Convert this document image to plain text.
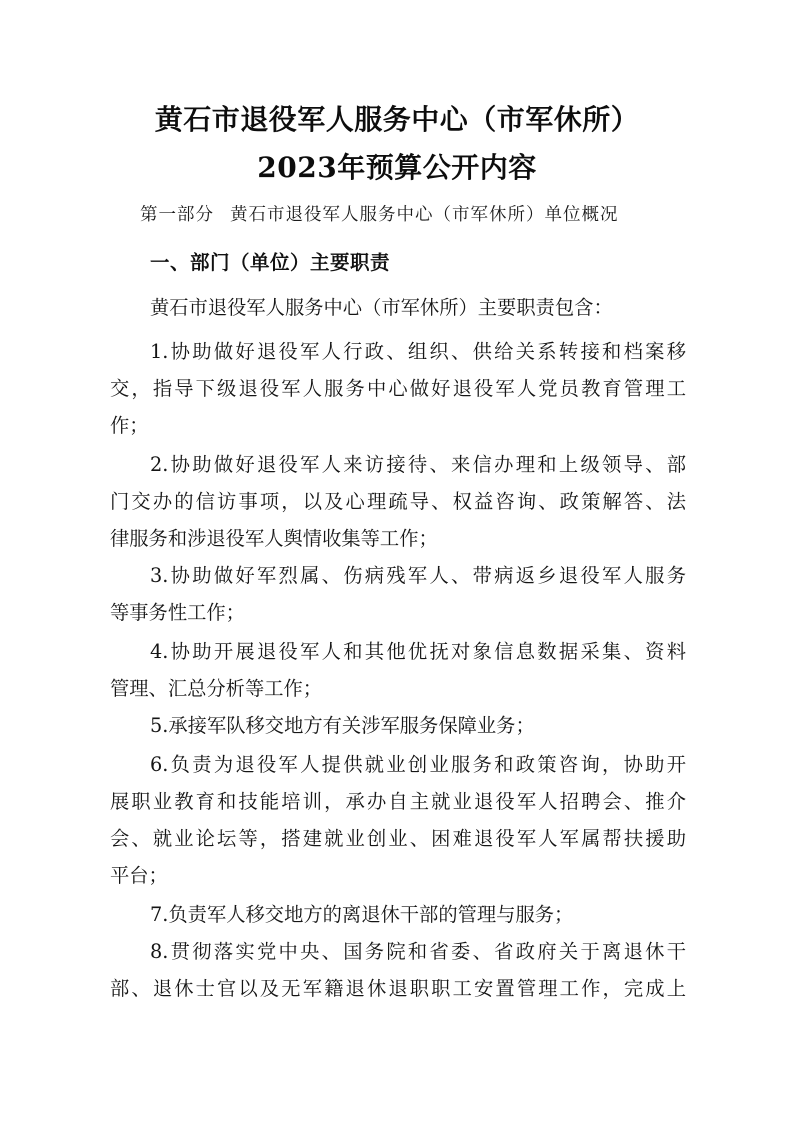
黄石市退役军人服务中心（市军休所）
2023年预算公开内容
第一部分 黄石市退役军人服务中心（市军休所）单位概况
一、部门（单位）主要职责
黄石市退役军人服务中心（市军休所）主要职责包含：
1.协助做好退役军人行政、组织、供给关系转接和档案移
交，指导下级退役军人服务中心做好退役军人党员教育管理工
作；
2.协助做好退役军人来访接待、来信办理和上级领导、部
门交办的信访事项，以及心理疏导、权益咨询、政策解答、法
律服务和涉退役军人舆情收集等工作；
3.协助做好军烈属、伤病残军人、带病返乡退役军人服务
等事务性工作；
4.协助开展退役军人和其他优抚对象信息数据采集、资料
管理、汇总分析等工作；
5.承接军队移交地方有关涉军服务保障业务；
6.负责为退役军人提供就业创业服务和政策咨询，协助开
展职业教育和技能培训，承办自主就业退役军人招聘会、推介
会、就业论坛等，搭建就业创业、困难退役军人军属帮扶援助
平台；
7.负责军人移交地方的离退休干部的管理与服务；
8.贯彻落实党中央、国务院和省委、省政府关于离退休干
部、退休士官以及无军籍退休退职职工安置管理工作，完成上
